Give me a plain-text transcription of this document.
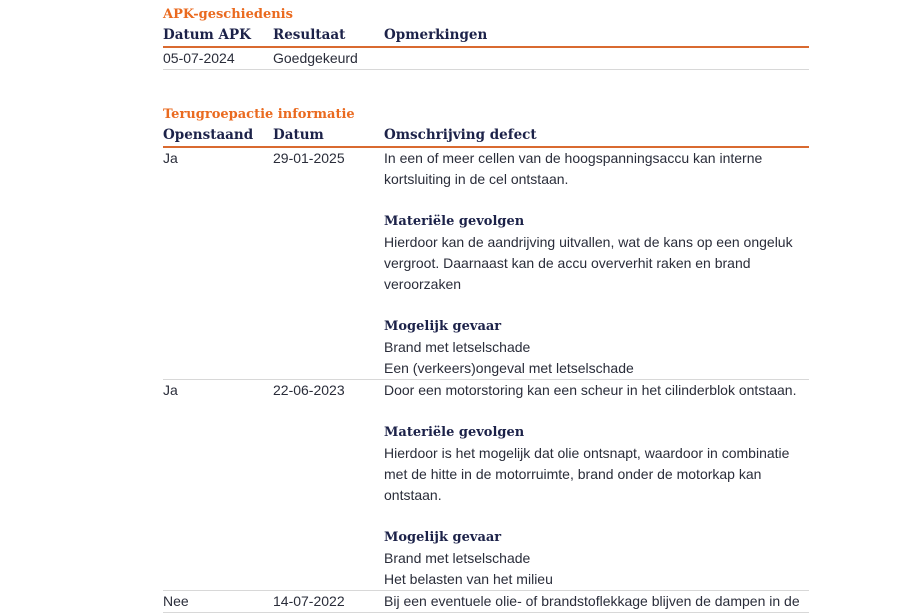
APK-geschiedenis
Datum APK	Resultaat	Opmerkingen
05-07-2024	Goedgekeurd
Terugroepactie informatie
Openstaand	Datum	Omschrijving defect
Ja	29-01-2025	In een of meer cellen van de hoogspanningsaccu kan interne

kortsluiting in de cel ontstaan.

Materiële gevolgen

Hierdoor kan de aandrijving uitvallen, wat de kans op een ongeluk

vergroot. Daarnaast kan de accu oververhit raken en brand

veroorzaken

Mogelijk gevaar

Brand met letselschade

Een (verkeers)ongeval met letselschade

Ja	22-06-2023	Door een motorstoring kan een scheur in het cilinderblok ontstaan.

Materiële gevolgen

Hierdoor is het mogelijk dat olie ontsnapt, waardoor in combinatie

met de hitte in de motorruimte, brand onder de motorkap kan

ontstaan.

Mogelijk gevaar

Brand met letselschade

Het belasten van het milieu

Nee	14-07-2022	Bij een eventuele olie- of brandstoflekkage blijven de dampen in de
